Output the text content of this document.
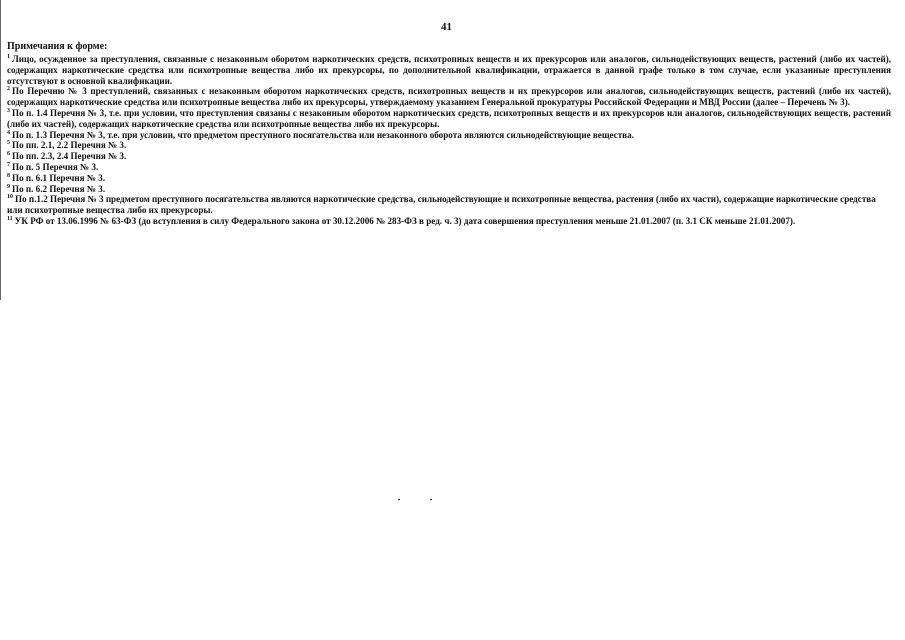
41
Примечания к форме:

$^1$ Лицо, осужденное за преступления, связанные с незаконным оборотом наркотических средств, психотропных веществ и их прекурсоров или аналогов, сильнодействующих веществ, растений (либо их частей), содержащих наркотические средства или психотропные вещества либо их прекурсоры, по дополнительной квалификации, отражается в данной графе только в том случае, если указанные преступления отсутствуют в основной квалификации.

$^2$ По Перечню № 3 преступлений, связанных с незаконным оборотом наркотических средств, психотропных веществ и их прекурсоров или аналогов, сильнодействующих веществ, растений (либо их частей), содержащих наркотические средства или психотропные вещества либо их прекурсоры, утверждаемому указанием Генеральной прокуратуры Российской Федерации и МВД России (далее – Перечень № 3).

$^3$ По п. 1.4 Перечня № 3, т.е. при условии, что преступления связаны с незаконным оборотом наркотических средств, психотропных веществ и их прекурсоров или аналогов, сильнодействующих веществ, растений (либо их частей), содержащих наркотические средства или психотропные вещества либо их прекурсоры.

$^4$ По п. 1.3 Перечня № 3, т.е. при условии, что предметом преступного посягательства или незаконного оборота являются сильнодействующие вещества.

$^5$ По пп. 2.1, 2.2 Перечня № 3.

$^6$ По пп. 2.3, 2.4 Перечня № 3.

$^7$ По п. 5 Перечня № 3.

$^8$ По п. 6.1 Перечня № 3.

$^9$ По п. 6.2 Перечня № 3.

$^{10}$ По п.1.2 Перечня № 3 предметом преступного посягательства являются наркотические средства, сильнодействующие и психотропные вещества, растения (либо их части), содержащие наркотические средства или психотропные вещества либо их прекурсоры.

$^{11}$ УК РФ от 13.06.1996 № 63-ФЗ (до вступления в силу Федерального закона от 30.12.2006 № 283-ФЗ в ред. ч. 3) дата совершения преступления меньше 21.01.2007 (п. 3.1 СК меньше 21.01.2007).
